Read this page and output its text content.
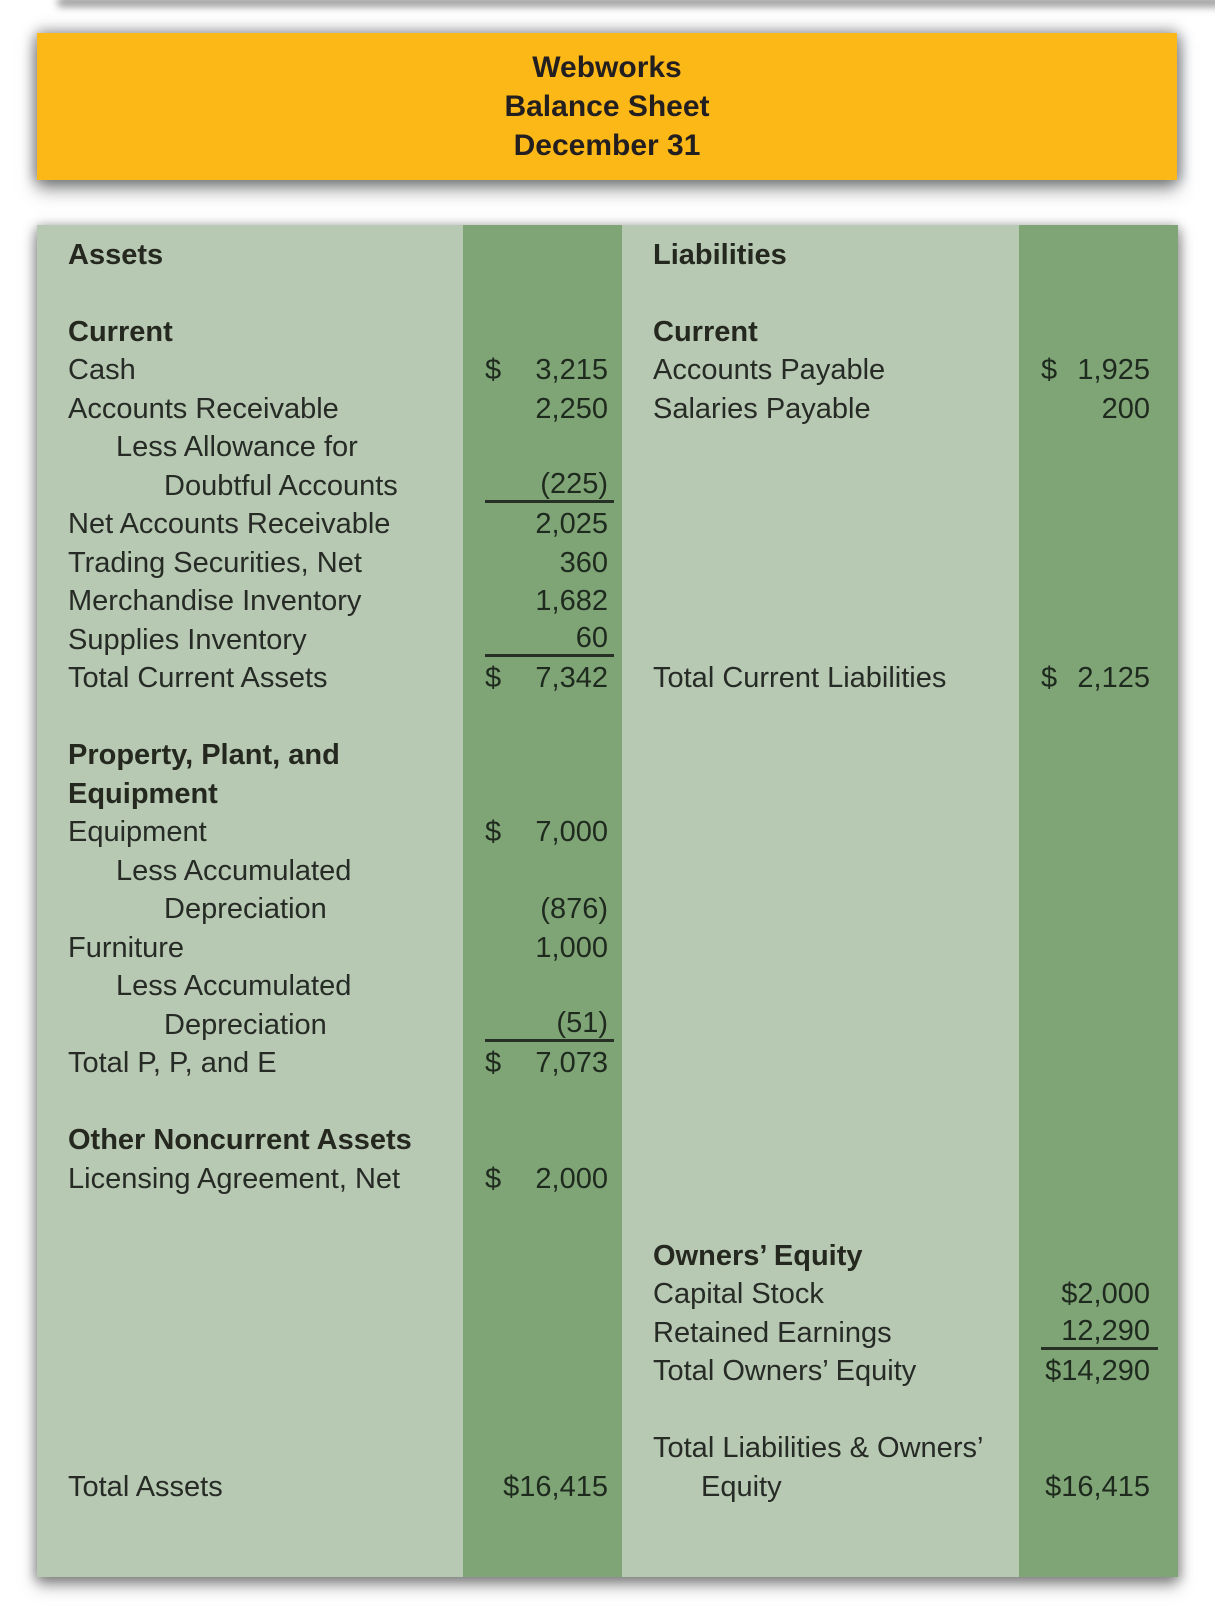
Webworks
Balance Sheet
December 31
Assets
Current
Cash	$ 3,215
Accounts Receivable	2,250
Less Allowance for
Doubtful Accounts	(225)
Net Accounts Receivable	2,025
Trading Securities, Net	360
Merchandise Inventory	1,682
Supplies Inventory	60
Total Current Assets	$ 7,342
Property, Plant, and
Equipment
Equipment	$ 7,000
Less Accumulated
Depreciation	(876)
Furniture	1,000
Less Accumulated
Depreciation	(51)
Total P, P, and E	$ 7,073
Other Noncurrent Assets
Licensing Agreement, Net	$ 2,000
Total Assets	$16,415
Liabilities
Current
Accounts Payable	$ 1,925
Salaries Payable	200
Total Current Liabilities	$ 2,125
Owners’ Equity
Capital Stock	$2,000
Retained Earnings	12,290
Total Owners’ Equity	$14,290
Total Liabilities & Owners’
Equity	$16,415
